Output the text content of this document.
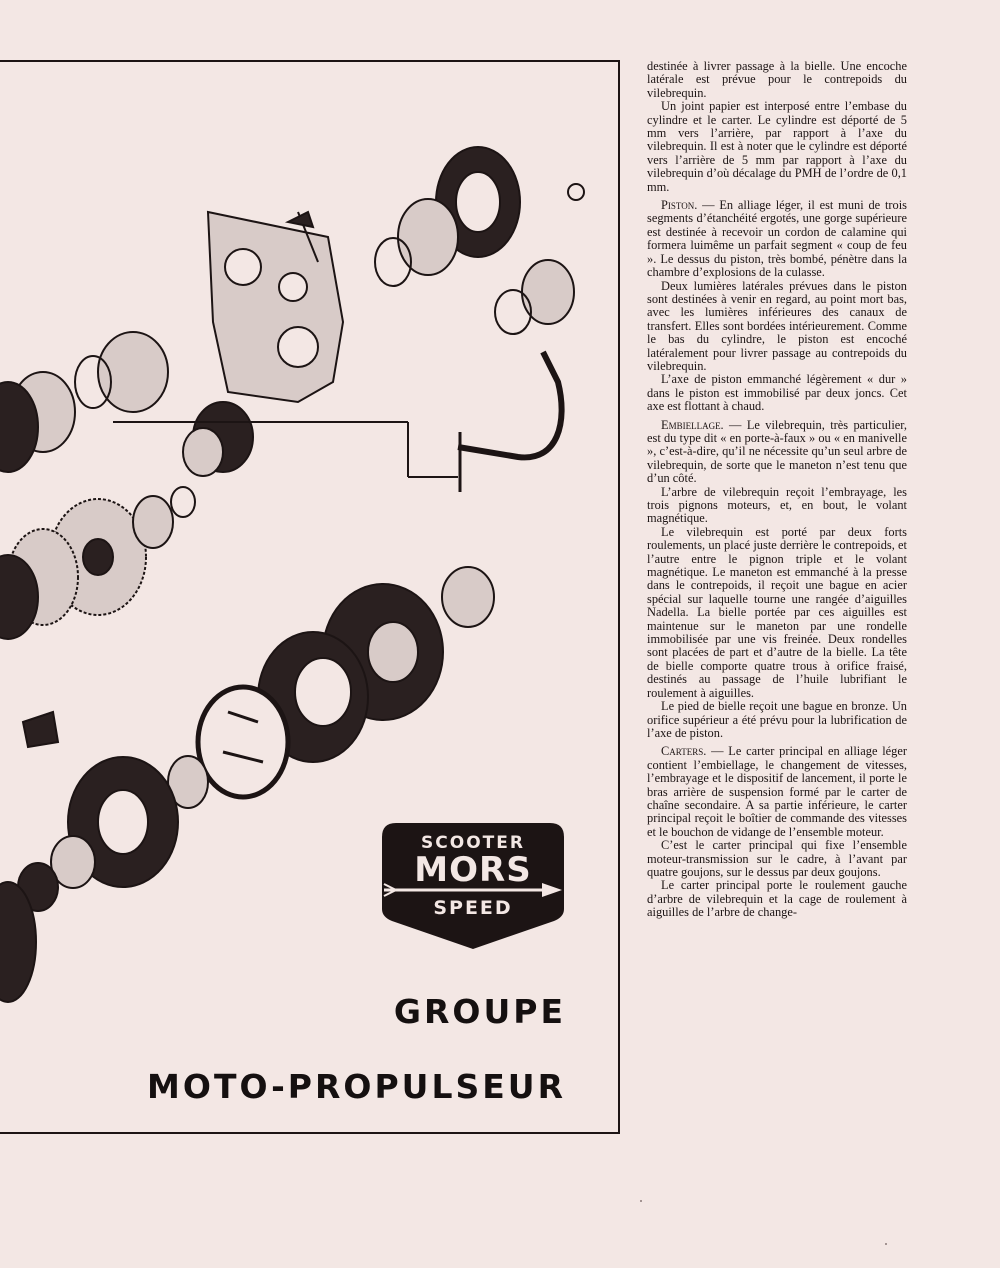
SCOOTER
MORS
SPEED
GROUPE
MOTO-PROPULSEUR

destinée à livrer passage à la bielle. Une encoche latérale est prévue pour le contrepoids du vilebrequin.

Un joint papier est interposé entre l’embase du cylindre et le carter. Le cylindre est déporté de 5 mm vers l’arrière, par rapport à l’axe du vilebrequin. Il est à noter que le cylindre est déporté vers l’arrière de 5 mm par rapport à l’axe du vilebrequin d’où décalage du PMH de l’ordre de 0,1 mm.

Piston. — En alliage léger, il est muni de trois segments d’étanchéité ergotés, une gorge supérieure est destinée à recevoir un cordon de calamine qui formera luimême un parfait segment « coup de feu ». Le dessus du piston, très bombé, pénètre dans la chambre d’explosions de la culasse.

Deux lumières latérales prévues dans le piston sont destinées à venir en regard, au point mort bas, avec les lumières inférieures des canaux de transfert. Elles sont bordées intérieurement. Comme le bas du cylindre, le piston est encoché latéralement pour livrer passage au contrepoids du vilebrequin.

L’axe de piston emmanché légèrement « dur » dans le piston est immobilisé par deux joncs. Cet axe est flottant à chaud.

Embiellage. — Le vilebrequin, très particulier, est du type dit « en porte-à-faux » ou « en manivelle », c’est-à-dire, qu’il ne nécessite qu’un seul arbre de vilebrequin, de sorte que le maneton n’est tenu que d’un côté.

L’arbre de vilebrequin reçoit l’embrayage, les trois pignons moteurs, et, en bout, le volant magnétique.

Le vilebrequin est porté par deux forts roulements, un placé juste derrière le contrepoids, et l’autre entre le pignon triple et le volant magnétique. Le maneton est emmanché à la presse dans le contrepoids, il reçoit une bague en acier spécial sur laquelle tourne une rangée d’aiguilles Nadella. La bielle portée par ces aiguilles est maintenue sur le maneton par une rondelle immobilisée par une vis freinée. Deux rondelles sont placées de part et d’autre de la bielle. La tête de bielle comporte quatre trous à orifice fraisé, destinés au passage de l’huile lubrifiant le roulement à aiguilles.

Le pied de bielle reçoit une bague en bronze. Un orifice supérieur a été prévu pour la lubrification de l’axe de piston.

Carters. — Le carter principal en alliage léger contient l’embiellage, le changement de vitesses, l’embrayage et le dispositif de lancement, il porte le bras arrière de suspension formé par le carter de chaîne secondaire. A sa partie inférieure, le carter principal reçoit le boîtier de commande des vitesses et le bouchon de vidange de l’ensemble moteur.

C’est le carter principal qui fixe l’ensemble moteur-transmission sur le cadre, à l’avant par quatre goujons, sur le dessus par deux goujons.

Le carter principal porte le roulement gauche d’arbre de vilebrequin et la cage de roulement à aiguilles de l’arbre de change-
